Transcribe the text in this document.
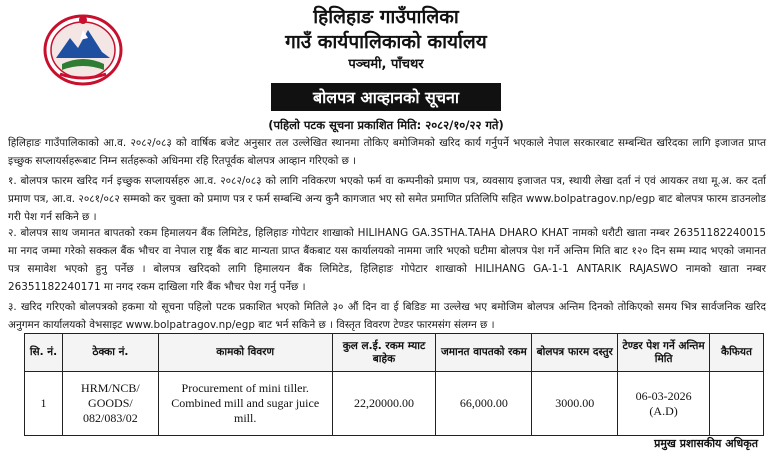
हिलिहाङ गाउँपालिका
गाउँ कार्यपालिकाको कार्यालय
पञ्चमी, पाँचथर
बोलपत्र आव्हानको सूचना
(पहिलो पटक सूचना प्रकाशित मिति: २०८२/१०/२२ गते)
हिलिहाङ गाउँपालिकाको आ.व. २०८२/०८३ को वार्षिक बजेट अनुसार तल उल्लेखित स्थानमा तोकिए बमोजिमको खरिद कार्य गर्नुपर्ने भएकाले नेपाल सरकारबाट सम्बन्धित खरिदका लागि इजाजत प्राप्त इच्छुक सप्लायर्सहरूबाट निम्न सर्तहरूको अधिनमा रहि रितपूर्वक बोलपत्र आव्हान गरिएको छ ।
१. बोलपत्र फारम खरिद गर्न इच्छुक सप्लायर्सहरु आ.व. २०८२/०८३ को लागि नविकरण भएको फर्म वा कम्पनीको प्रमाण पत्र, व्यवसाय इजाजत पत्र, स्थायी लेखा दर्ता नं एवं आयकर तथा मू.अ. कर दर्ता प्रमाण पत्र, आ.व. २०८१/०८२ सम्मको कर चुक्ता को प्रमाण पत्र र फर्म सम्बन्धि अन्य कुनै कागजात भए सो समेत प्रमाणित प्रतिलिपि सहित www.bolpatragov.np/egp बाट बोलपत्र फारम डाउनलोड गरी पेश गर्न सकिने छ ।
२. बोलपत्र साथ जमानत बापतको रकम हिमालयन बैंक लिमिटेड, हिलिहाङ गोपेटार शाखाको HILIHANG GA.3STHA.TAHA DHARO KHAT नामको धरौटी खाता नम्बर 26351182240015 मा नगद जम्मा गरेको सक्कल बैंक भौचर वा नेपाल राष्ट्र बैंक बाट मान्यता प्राप्त बैंकबाट यस कार्यालयको नाममा जारि भएको घटीमा बोलपत्र पेश गर्ने अन्तिम मिति बाट १२० दिन सम्म म्याद भएको जमानत पत्र समावेश भएको हुनु पर्नेछ । बोलपत्र खरिदको लागि हिमालयन बैंक लिमिटेड, हिलिहाङ गोपेटार शाखाको HILIHANG GA-1-1 ANTARIK RAJASWO नामको खाता नम्बर 26351182240171 मा नगद रकम दाखिला गरि बैंक भौचर पेश गर्नु पर्नेछ ।
३. खरिद गरिएको बोलपत्रको हकमा यो सूचना पहिलो पटक प्रकाशित भएको मितिले ३० औं दिन वा ई बिडिङ मा उल्लेख भए बमोजिम बोलपत्र अन्तिम दिनको तोकिएको समय भित्र सार्वजनिक खरिद अनुगमन कार्यालयको वेभसाइट www.bolpatragov.np/egp बाट भर्न सकिने छ । विस्तृत विवरण टेण्डर फारमसंग संलग्न छ ।
सि. नं.	ठेक्का नं.	कामको विवरण	कुल ल.ई. रकम म्याट बाहेक	जमानत वापतको रकम	बोलपत्र फारम दस्तुर	टेण्डर पेश गर्ने अन्तिम मिति	कैफियत
1	HRM/NCB/ GOODS/ 082/083/02	Procurement of mini tiller. Combined mill and sugar juice mill.	22,20000.00	66,000.00	3000.00	06-03-2026 (A.D)	
प्रमुख प्रशासकीय अधिकृत
